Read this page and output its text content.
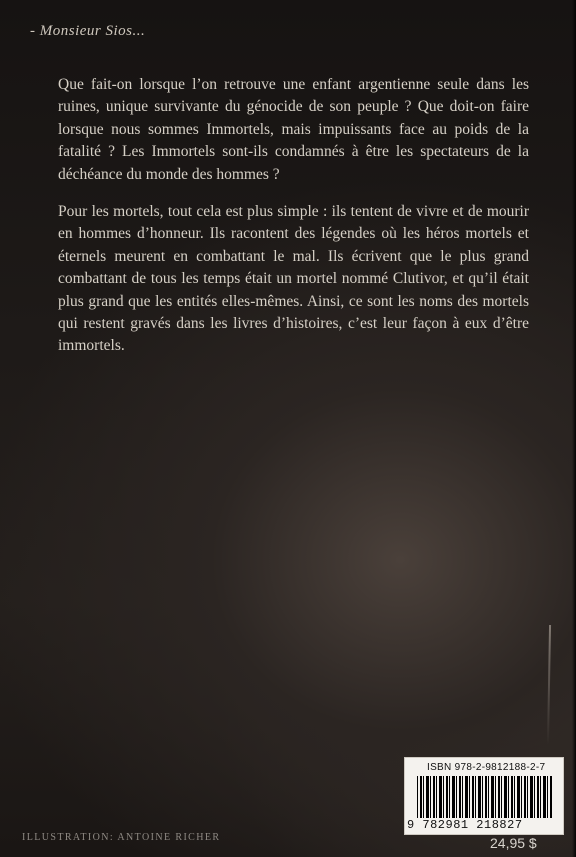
- Monsieur Sios...

Que fait-on lorsque l’on retrouve une enfant argentienne seule dans les ruines, unique survivante du génocide de son peuple ? Que doit-on faire lorsque nous sommes Immortels, mais impuissants face au poids de la fatalité ? Les Immortels sont-ils condamnés à être les spectateurs de la déchéance du monde des hommes ?

Pour les mortels, tout cela est plus simple : ils tentent de vivre et de mourir en hommes d’honneur. Ils racontent des légendes où les héros mortels et éternels meurent en combattant le mal. Ils écrivent que le plus grand combattant de tous les temps était un mortel nommé Clutivor, et qu’il était plus grand que les entités elles-mêmes. Ainsi, ce sont les noms des mortels qui restent gravés dans les livres d’histoires, c’est leur façon à eux d’être immortels.

ISBN 978-2-9812188-2-7
9 782981 218827
ILLUSTRATION: ANTOINE RICHER	24,95 $
